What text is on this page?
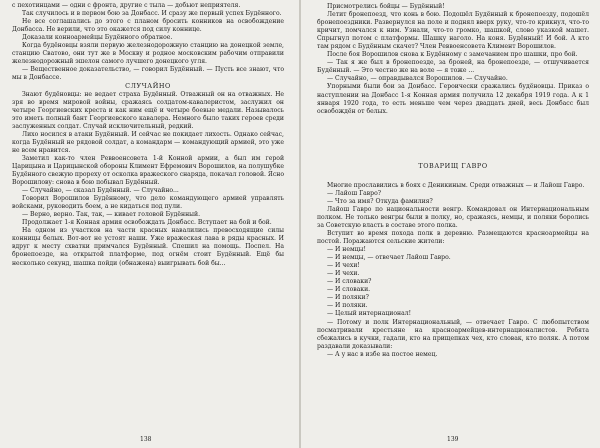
с пехотинцами — одни с фронта, другие с тыла — добьют неприятеля.

Так случилось и в первом бою за Донбасс. И сразу же первый успех Будённого.

Не все соглашались до этого с планом бросить конников на освобождение Донбасса. Не верили, что это окажется под силу коннице.

Доказали конноармейцы Будённого обратное.

Когда будёновцы взяли первую железнодорожную станцию на донецкой земле, станцию Сватово, они тут же в Москву и родное московским рабочим отправили железнодорожный эшелон самого лучшего донецкого угля.

— Вещественное доказательство, — говорил Будённый. — Пусть все знают, что мы в Донбассе.

СЛУЧАЙНО

Знают будёновцы: не ведает страха Будённый. Отважный он на отважных. Не зря во время мировой войны, сражаясь солдатом-кавалеристом, заслужил он четыре Георгиевских креста и как ним ещё и четыре боевые медали. Называлось это иметь полный бант Георгиевского кавалера. Немного было таких героев среди заслуженных солдат. Случай исключительный, редкий.

Лихо носился в атаки Будённый. И сейчас не покидает лихость. Однако сейчас, когда Будённый не рядовой солдат, а командарм — командующий армией, это уже не всем нравится.

Заметил как-то член Реввоенсовета 1-й Конной армии, а был им герой Царицына и Царицынской обороны Климент Ефремович Ворошилов, на полушубке Будённого свежую прореху от осколка вражеского снаряда, покачал головой. Ясно Ворошилову: снова в бою побывал Будённый.

— Случайно, — сказал Будённый. — Случайно...

Говорил Ворошилов Будённому, что дело командующего армией управлять войсками, руководить боем, а не кидаться под пули.

— Верно, верно. Так, так, — кивает головой Будённый.

Продолжает 1-я Конная армия освобождать Донбасс. Вступает на бой и бой.

На одном из участков на части красных навалились превосходящие силы конницы белых. Вот-вот не устоят наши. Уже вражеская лава в ряды красных. И вдруг к месту схватки примчался Будённый. Спешил на помощь. Поспел. На бронепоезде, на открытой платформе, под огнём стоит Будённый. Ещё бы несколько секунд, шашка пойди (обнажена) выигрывать бой бы...

138

Присмотрелись бойцы — Будённый!

Летит бронепоезд, что конь в бою. Подошёл Будённый к бронепоезду, подошёл бронепоездники. Развернулся на поле и поднял вверх руку, что-то крикнул, что-то кричит, помчался к ним. Узнали, что-то громко, шашкой, слово указкой машет. Спрыгнул потом с платформы. Шашку наголо. На коня. Будённый! И бой. А кто там рядом с Будённым скачет? Член Реввоенсовета Климент Ворошилов.

После боя Ворошилов снова к Будённому с замечанием про шашки, про бой.

— Так я же был в бронепоезде, за броней, на бронепоезде, — отшучивается Будённый. — Это честно же на воле — я тоже ...

— Случайно, — оправдывался Ворошилов. — Случайно.

Упорными были бои за Донбасс. Героически сражались будёновцы. Приказ о наступлении на Донбасс 1-я Конная армия получила 12 декабря 1919 года. А к 1 января 1920 года, то есть меньше чем через двадцать дней, весь Донбасс был освобождён от белых.

ТОВАРИЩ ГАВРО

Многие прославились в боях с Деникиным. Среди отважных — и Лайош Гавро.

— Лайош Гавро?

— Что за имя? Откуда фамилия?

Лайош Гавро по национальности венгр. Командовал он Интернациональным полком. Не только венгры были в полку, но, сражаясь, немцы, и поляки боролись за Советскую власть в составе этого полка.

Вступит во время похода полк в деревню. Размещаются красноармейцы на постой. Поражаются сельские жители:

— И немцы!

— И немцы, — отвечает Лайош Гавро.

— И чехи!

— И чехи.

— И словаки?

— И словаки.

— И поляки?

— И поляки.

— Целый интернационал!

— Потому и полк Интернациональный, — отвечает Гавро. С любопытством посматривали крестьяне на красноармейцев-интернационалистов. Ребята сбежались в кучки, гадали, кто на прищепках чех, кто словак, кто поляк. А потом раздавали доказывали:

— А у нас в избе на постое немец.

139
